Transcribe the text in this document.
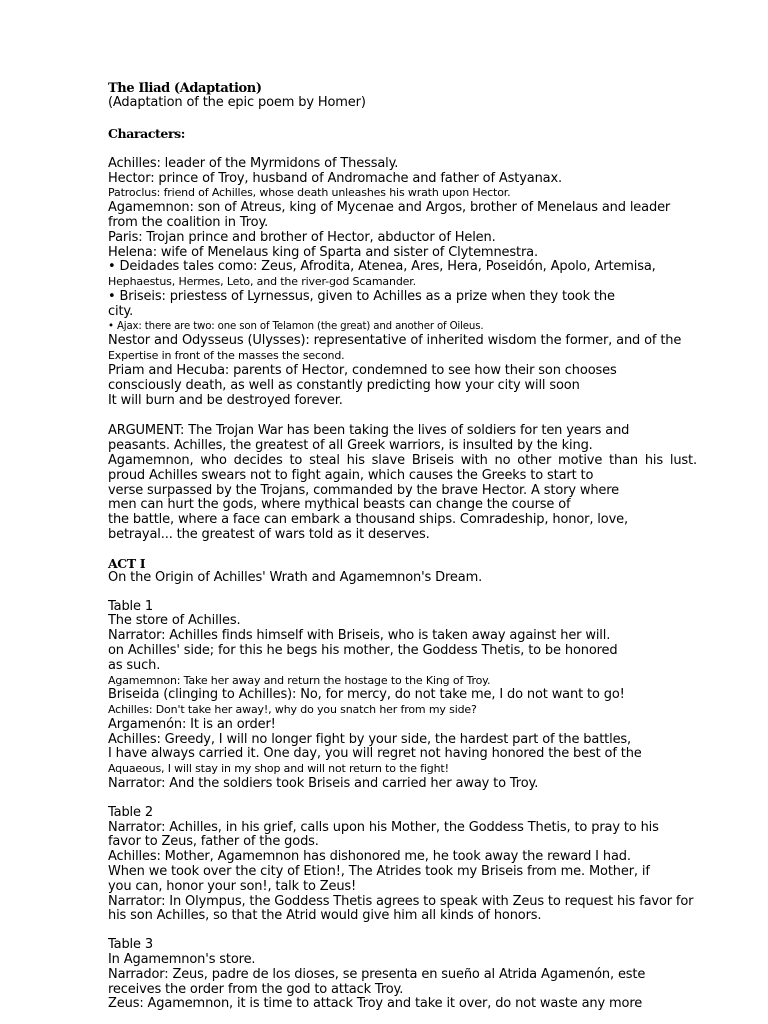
The Iliad (Adaptation)
(Adaptation of the epic poem by Homer)
Characters:
Achilles: leader of the Myrmidons of Thessaly.
Hector: prince of Troy, husband of Andromache and father of Astyanax.
Patroclus: friend of Achilles, whose death unleashes his wrath upon Hector.
Agamemnon: son of Atreus, king of Mycenae and Argos, brother of Menelaus and leader
from the coalition in Troy.
Paris: Trojan prince and brother of Hector, abductor of Helen.
Helena: wife of Menelaus king of Sparta and sister of Clytemnestra.
• Deidades tales como: Zeus, Afrodita, Atenea, Ares, Hera, Poseidón, Apolo, Artemisa,
Hephaestus, Hermes, Leto, and the river-god Scamander.
• Briseis: priestess of Lyrnessus, given to Achilles as a prize when they took the
city.
• Ajax: there are two: one son of Telamon (the great) and another of Oileus.
Nestor and Odysseus (Ulysses): representative of inherited wisdom the former, and of the
Expertise in front of the masses the second.
Priam and Hecuba: parents of Hector, condemned to see how their son chooses
consciously death, as well as constantly predicting how your city will soon
It will burn and be destroyed forever.
ARGUMENT: The Trojan War has been taking the lives of soldiers for ten years and
peasants. Achilles, the greatest of all Greek warriors, is insulted by the king.
Agamemnon, who decides to steal his slave Briseis with no other motive than his lust.
proud Achilles swears not to fight again, which causes the Greeks to start to
verse surpassed by the Trojans, commanded by the brave Hector. A story where
men can hurt the gods, where mythical beasts can change the course of
the battle, where a face can embark a thousand ships. Comradeship, honor, love,
betrayal... the greatest of wars told as it deserves.
ACT I
On the Origin of Achilles' Wrath and Agamemnon's Dream.
Table 1
The store of Achilles.
Narrator: Achilles finds himself with Briseis, who is taken away against her will.
on Achilles' side; for this he begs his mother, the Goddess Thetis, to be honored
as such.
Agamemnon: Take her away and return the hostage to the King of Troy.
Briseida (clinging to Achilles): No, for mercy, do not take me, I do not want to go!
Achilles: Don't take her away!, why do you snatch her from my side?
Argamenón: It is an order!
Achilles: Greedy, I will no longer fight by your side, the hardest part of the battles,
I have always carried it. One day, you will regret not having honored the best of the
Aquaeous, I will stay in my shop and will not return to the fight!
Narrator: And the soldiers took Briseis and carried her away to Troy.
Table 2
Narrator: Achilles, in his grief, calls upon his Mother, the Goddess Thetis, to pray to his
favor to Zeus, father of the gods.
Achilles: Mother, Agamemnon has dishonored me, he took away the reward I had.
When we took over the city of Etion!, The Atrides took my Briseis from me. Mother, if
you can, honor your son!, talk to Zeus!
Narrator: In Olympus, the Goddess Thetis agrees to speak with Zeus to request his favor for
his son Achilles, so that the Atrid would give him all kinds of honors.
Table 3
In Agamemnon's store.
Narrador: Zeus, padre de los dioses, se presenta en sueño al Atrida Agamenón, este
receives the order from the god to attack Troy.
Zeus: Agamemnon, it is time to attack Troy and take it over, do not waste any more
